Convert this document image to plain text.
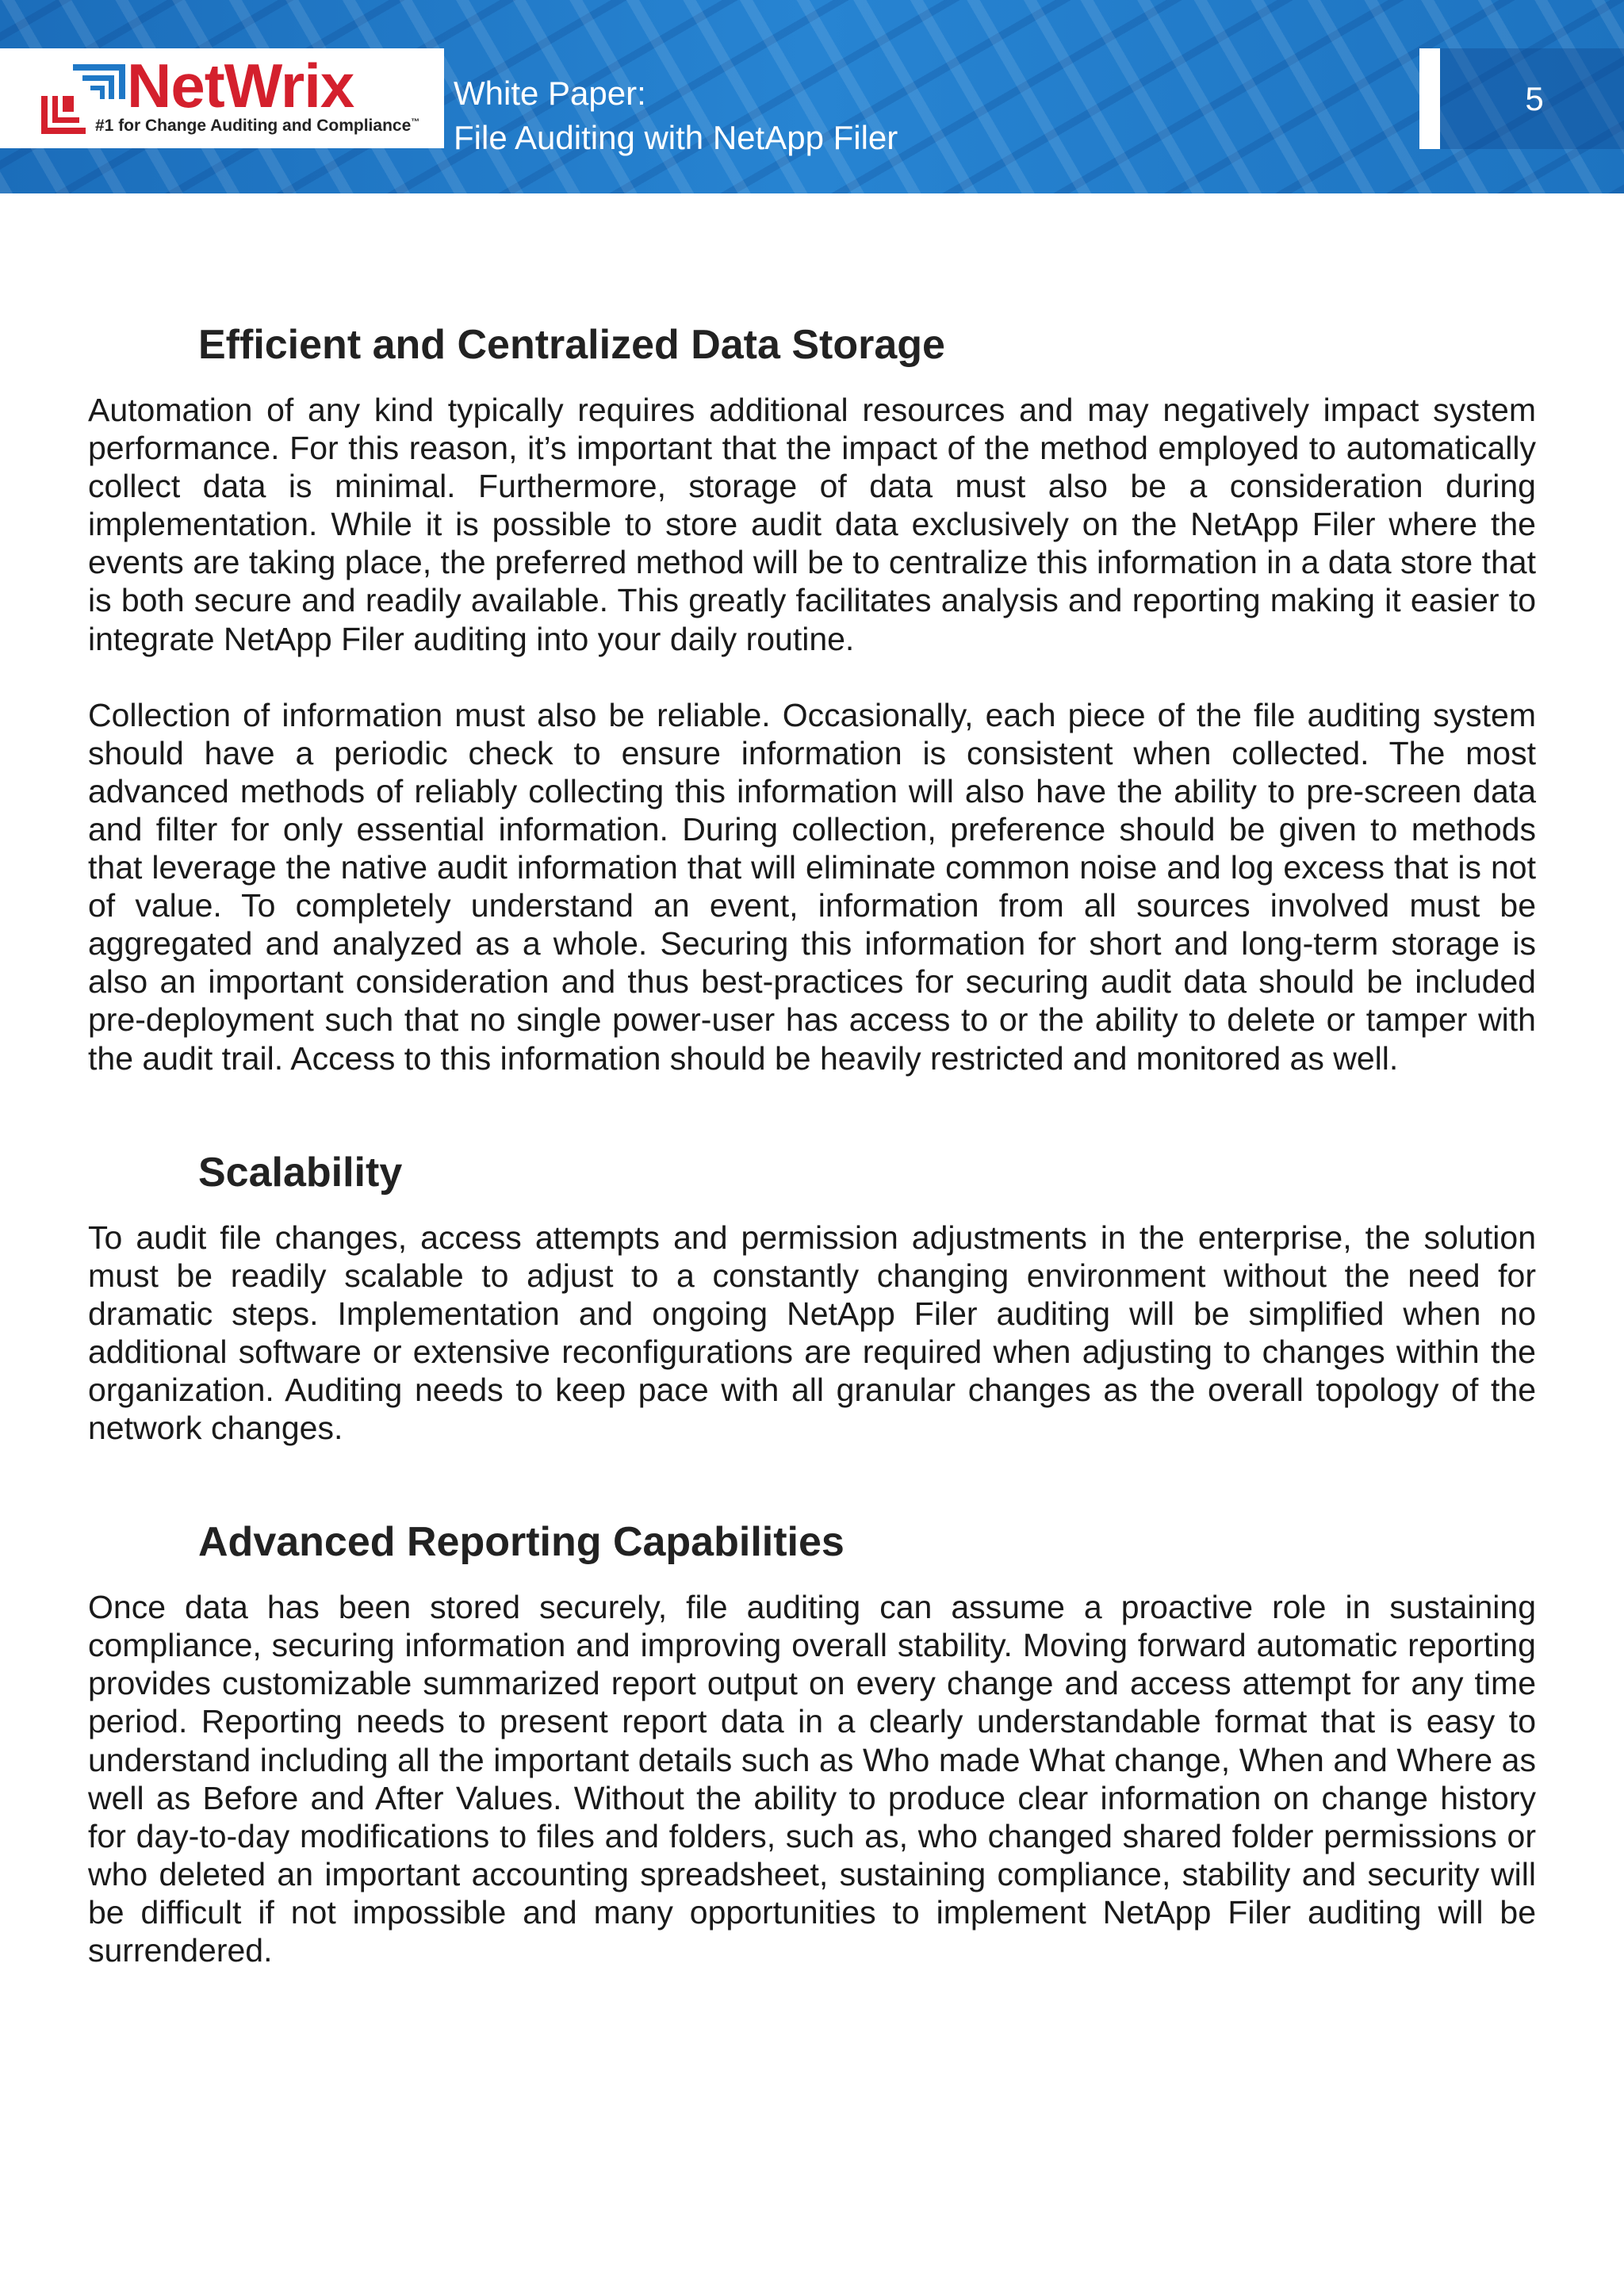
NetWrix
#1 for Change Auditing and Compliance™
White Paper:
File Auditing with NetApp Filer
5
Efficient and Centralized Data Storage

Automation of any kind typically requires additional resources and may negatively impact system performance. For this reason, it’s important that the impact of the method employed to automatically collect data is minimal. Furthermore, storage of data must also be a consideration during implementation. While it is possible to store audit data exclusively on the NetApp Filer where the events are taking place, the preferred method will be to centralize this information in a data store that is both secure and readily available. This greatly facilitates analysis and reporting making it easier to integrate NetApp Filer auditing into your daily routine.

Collection of information must also be reliable. Occasionally, each piece of the file auditing system should have a periodic check to ensure information is consistent when collected. The most advanced methods of reliably collecting this information will also have the ability to pre-screen data and filter for only essential information. During collection, preference should be given to methods that leverage the native audit information that will eliminate common noise and log excess that is not of value. To completely understand an event, information from all sources involved must be aggregated and analyzed as a whole. Securing this information for short and long-term storage is also an important consideration and thus best-practices for securing audit data should be included pre-deployment such that no single power-user has access to or the ability to delete or tamper with the audit trail. Access to this information should be heavily restricted and monitored as well.

Scalability

To audit file changes, access attempts and permission adjustments in the enterprise, the solution must be readily scalable to adjust to a constantly changing environment without the need for dramatic steps. Implementation and ongoing NetApp Filer auditing will be simplified when no additional software or extensive reconfigurations are required when adjusting to changes within the organization. Auditing needs to keep pace with all granular changes as the overall topology of the network changes.

Advanced Reporting Capabilities

Once data has been stored securely, file auditing can assume a proactive role in sustaining compliance, securing information and improving overall stability. Moving forward automatic reporting provides customizable summarized report output on every change and access attempt for any time period. Reporting needs to present report data in a clearly understandable format that is easy to understand including all the important details such as Who made What change, When and Where as well as Before and After Values. Without the ability to produce clear information on change history for day-to-day modifications to files and folders, such as, who changed shared folder permissions or who deleted an important accounting spreadsheet, sustaining compliance, stability and security will be difficult if not impossible and many opportunities to implement NetApp Filer auditing will be surrendered.
